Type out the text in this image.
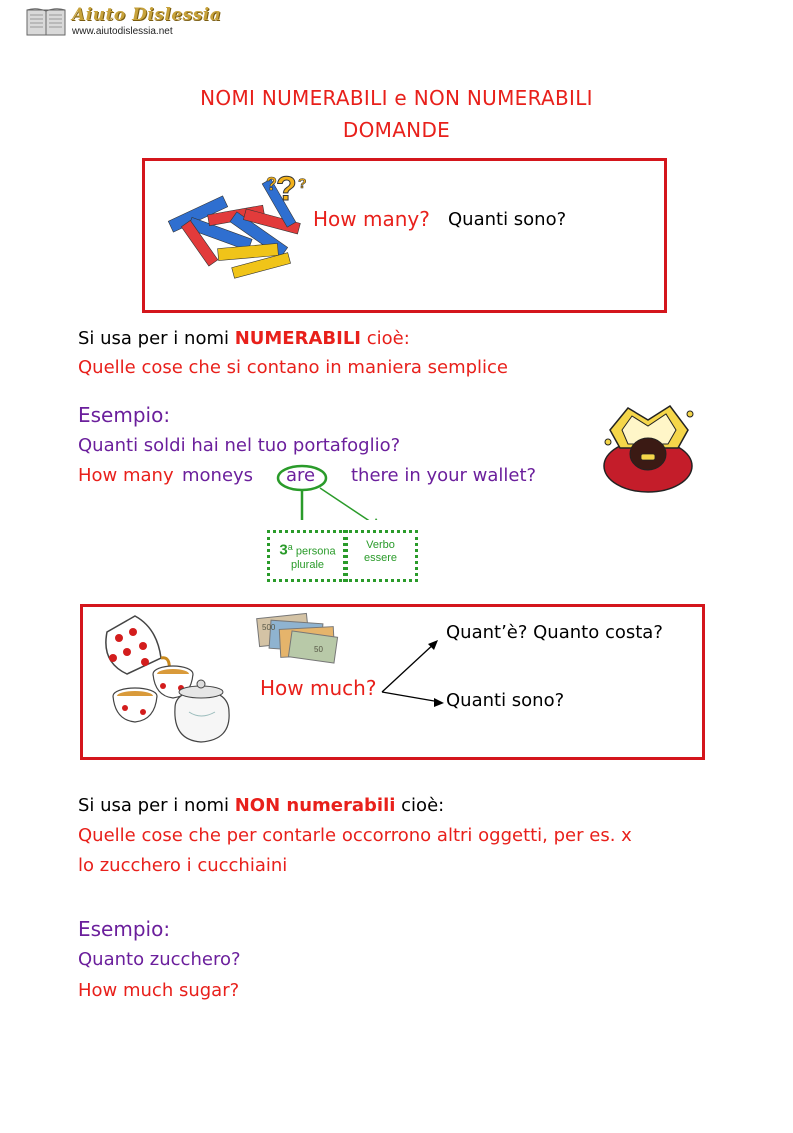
Aiuto Dislessia
www.aiutodislessia.net
NOMI NUMERABILI e NON NUMERABILI
DOMANDE
?
? ?
How many? Quanti sono?
Si usa per i nomi NUMERABILI cioè:
Quelle cose che si contano in maniera semplice
Esempio:
Quanti soldi hai nel tuo portafoglio?
How many moneys are there in your wallet?
3$^a$ persona
plurale
Verbo
essere
500
50
How much?
Quant’è? Quanto costa?
Quanti sono?
Si usa per i nomi NON numerabili cioè:
Quelle cose che per contarle occorrono altri oggetti, per es. x
lo zucchero i cucchiaini
Esempio:
Quanto zucchero?
How much sugar?
